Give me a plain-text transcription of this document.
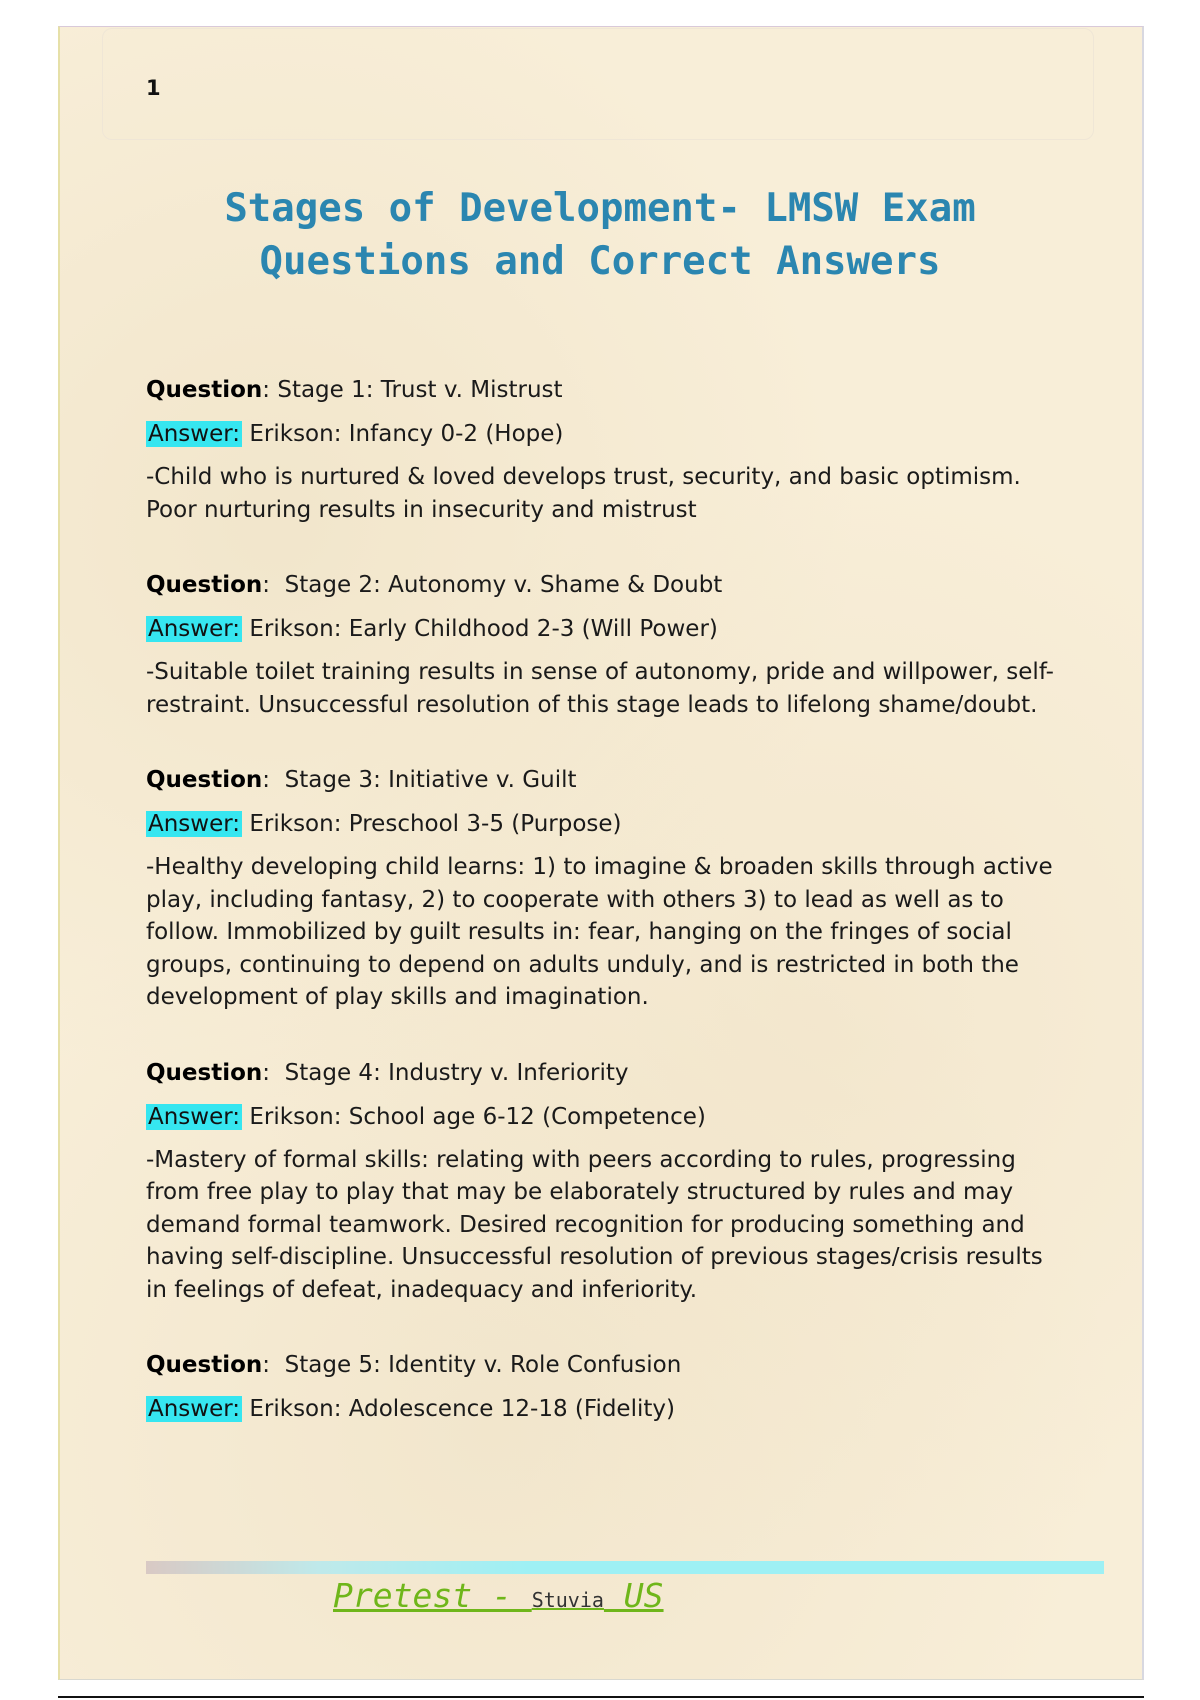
1
Stages of Development- LMSW Exam Questions and Correct Answers

Question: Stage 1: Trust v. Mistrust

Answer: Erikson: Infancy 0-2 (Hope)

-Child who is nurtured & loved develops trust, security, and basic optimism. Poor nurturing results in insecurity and mistrust

Question:  Stage 2: Autonomy v. Shame & Doubt

Answer: Erikson: Early Childhood 2-3 (Will Power)

-Suitable toilet training results in sense of autonomy, pride and willpower, self-restraint. Unsuccessful resolution of this stage leads to lifelong shame/doubt.

Question:  Stage 3: Initiative v. Guilt

Answer: Erikson: Preschool 3-5 (Purpose)

-Healthy developing child learns: 1) to imagine & broaden skills through active play, including fantasy, 2) to cooperate with others 3) to lead as well as to follow. Immobilized by guilt results in: fear, hanging on the fringes of social groups, continuing to depend on adults unduly, and is restricted in both the development of play skills and imagination.

Question:  Stage 4: Industry v. Inferiority

Answer: Erikson: School age 6-12 (Competence)

-Mastery of formal skills: relating with peers according to rules, progressing from free play to play that may be elaborately structured by rules and may demand formal teamwork. Desired recognition for producing something and having self-discipline. Unsuccessful resolution of previous stages/crisis results in feelings of defeat, inadequacy and inferiority.

Question:  Stage 5: Identity v. Role Confusion

Answer: Erikson: Adolescence 12-18 (Fidelity)

Pretest - Stuvia US
